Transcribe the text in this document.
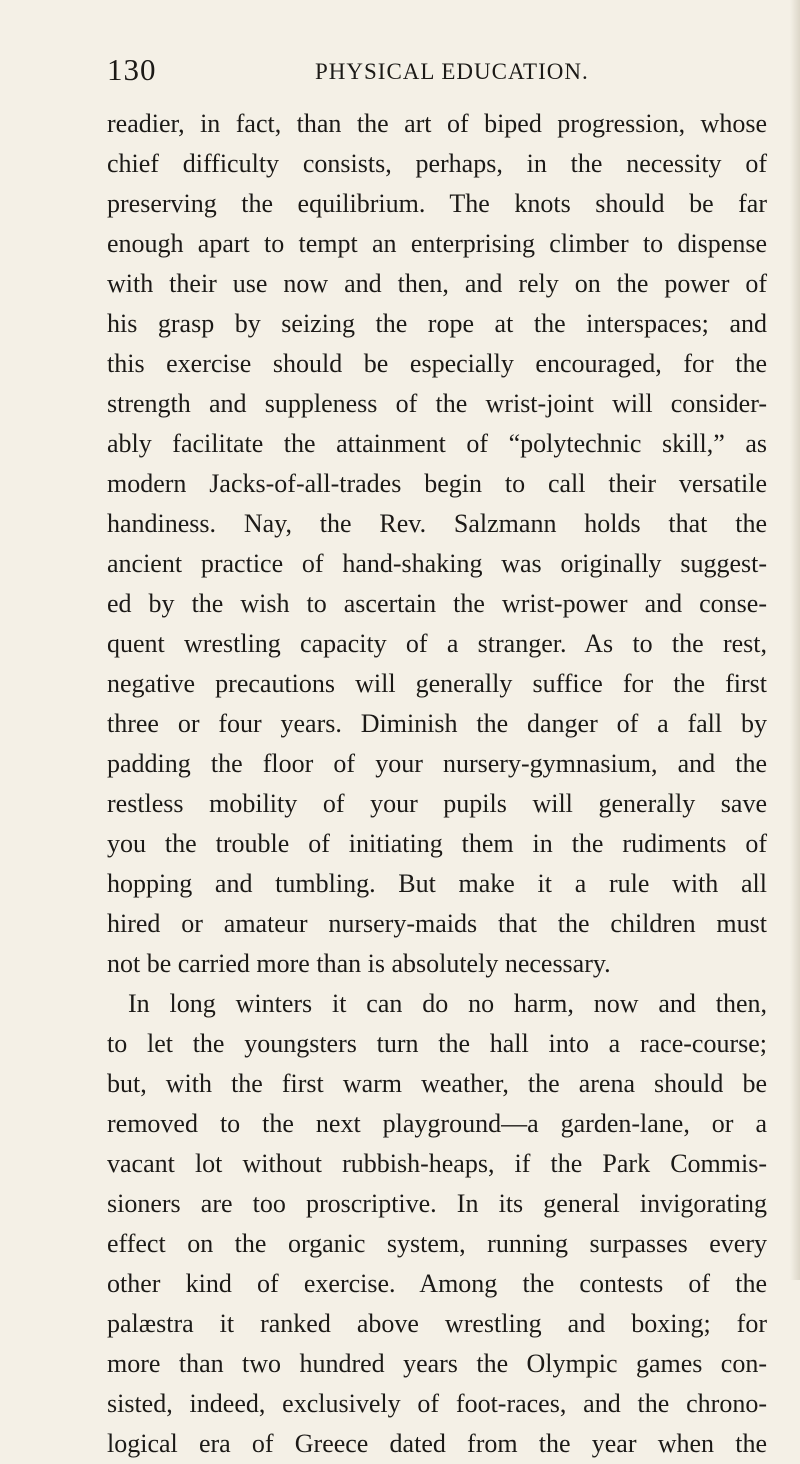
130	PHYSICAL EDUCATION.
readier, in fact, than the art of biped progression, whose
chief difficulty consists, perhaps, in the necessity of
preserving the equilibrium. The knots should be far
enough apart to tempt an enterprising climber to dispense
with their use now and then, and rely on the power of
his grasp by seizing the rope at the interspaces; and
this exercise should be especially encouraged, for the
strength and suppleness of the wrist-joint will consider-
ably facilitate the attainment of “polytechnic skill,” as
modern Jacks-of-all-trades begin to call their versatile
handiness. Nay, the Rev. Salzmann holds that the
ancient practice of hand-shaking was originally suggest-
ed by the wish to ascertain the wrist-power and conse-
quent wrestling capacity of a stranger. As to the rest,
negative precautions will generally suffice for the first
three or four years. Diminish the danger of a fall by
padding the floor of your nursery-gymnasium, and the
restless mobility of your pupils will generally save
you the trouble of initiating them in the rudiments of
hopping and tumbling. But make it a rule with all
hired or amateur nursery-maids that the children must
not be carried more than is absolutely necessary.
In long winters it can do no harm, now and then,
to let the youngsters turn the hall into a race-course;
but, with the first warm weather, the arena should be
removed to the next playground—a garden-lane, or a
vacant lot without rubbish-heaps, if the Park Commis-
sioners are too proscriptive. In its general invigorating
effect on the organic system, running surpasses every
other kind of exercise. Among the contests of the
palæstra it ranked above wrestling and boxing; for
more than two hundred years the Olympic games con-
sisted, indeed, exclusively of foot-races, and the chrono-
logical era of Greece dated from the year when the
